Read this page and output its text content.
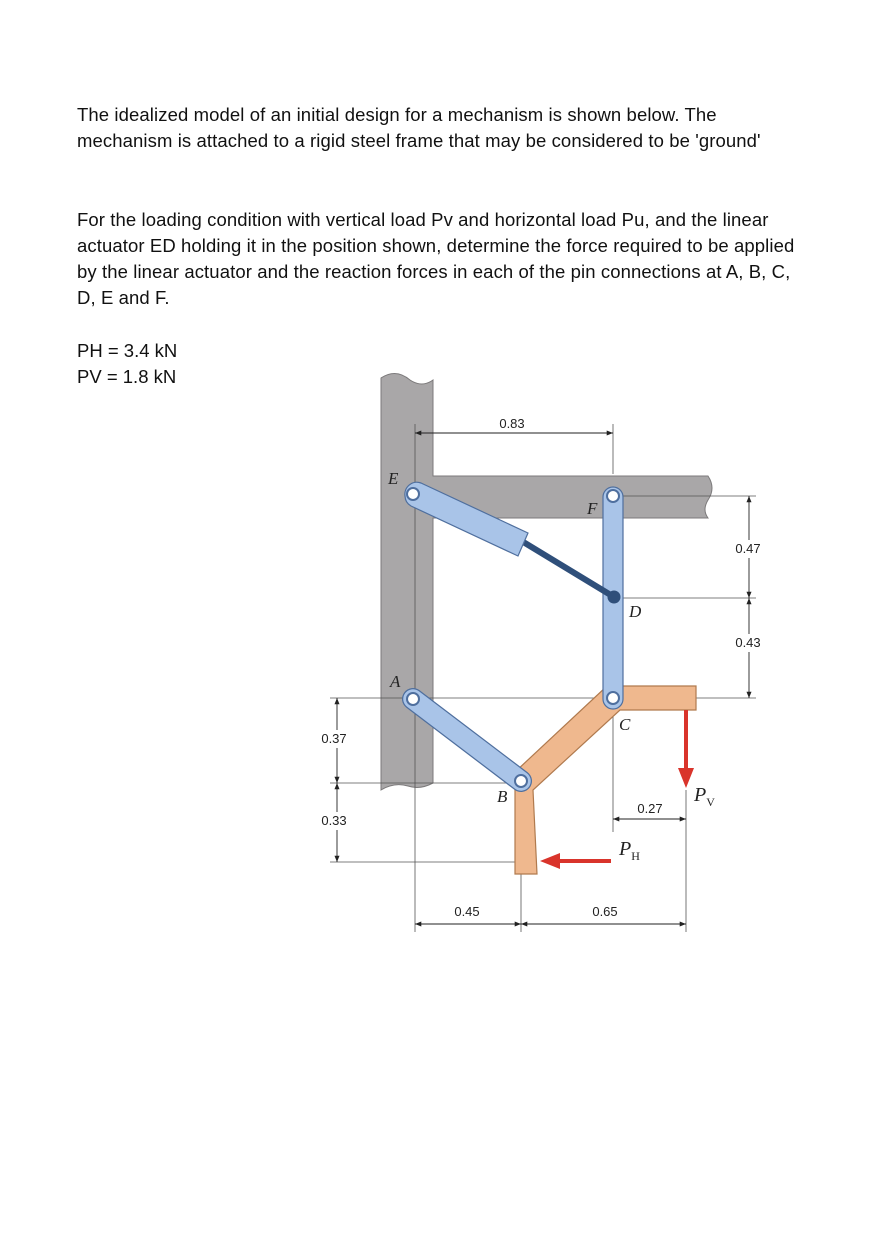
The idealized model of an initial design for a mechanism is shown below. The mechanism is attached to a rigid steel frame that may be considered to be 'ground'

For the loading condition with vertical load Pv and horizontal load Pu, and the linear actuator ED holding it in the position shown, determine the force required to be applied by the linear actuator and the reaction forces in each of the pin connections at A, B, C, D, E and F.

PH = 3.4 kN

PV = 1.8 kN

0.83
0.47
0.43
0.37
0.33
0.45	0.65
0.27
E
F
D
A
C
B	$P_V$
$P_H$
